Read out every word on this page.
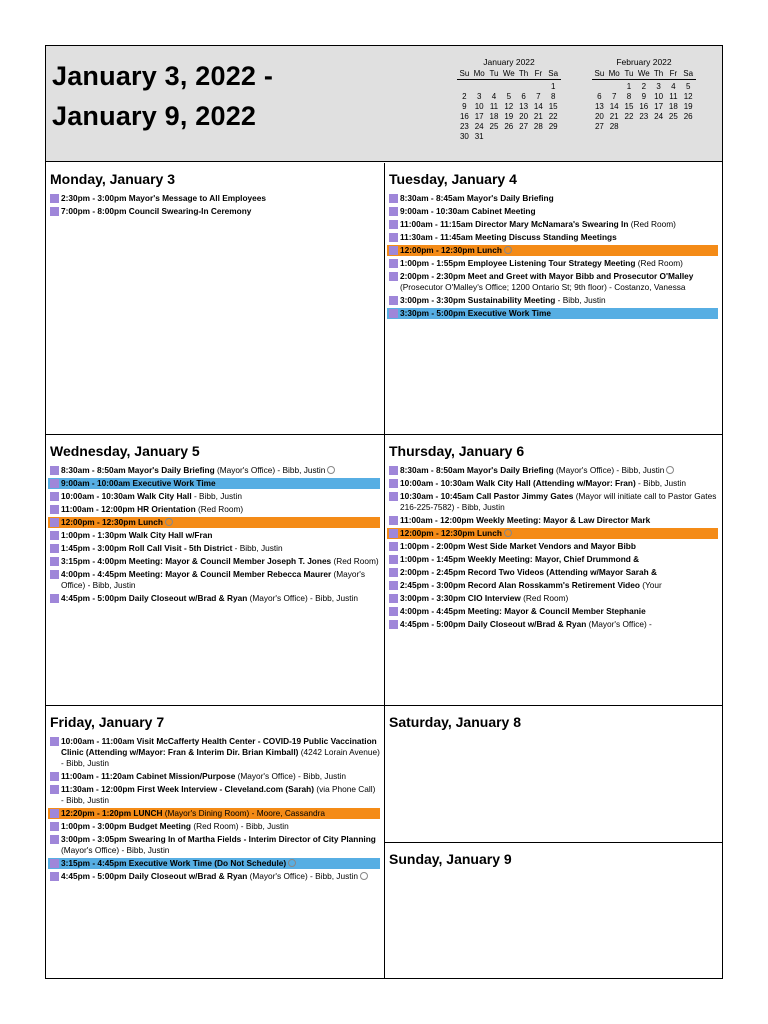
January 3, 2022 -
January 9, 2022
January 2022
Su	Mo	Tu	We	Th	Fr	Sa

						1
2	3	4	5	6	7	8
9	10	11	12	13	14	15
16	17	18	19	20	21	22
23	24	25	26	27	28	29
30	31					
February 2022
Su	Mo	Tu	We	Th	Fr	Sa

		1	2	3	4	5
6	7	8	9	10	11	12
13	14	15	16	17	18	19
20	21	22	23	24	25	26
27	28					
Monday, January 3
2:30pm - 3:00pm Mayor's Message to All Employees
7:00pm - 8:00pm Council Swearing-In Ceremony
Tuesday, January 4
8:30am - 8:45am Mayor's Daily Briefing
9:00am - 10:30am Cabinet Meeting
11:00am - 11:15am Director Mary McNamara's Swearing In (Red Room)
11:30am - 11:45am Meeting Discuss Standing Meetings
12:00pm - 12:30pm Lunch
1:00pm - 1:55pm Employee Listening Tour Strategy Meeting (Red Room)
2:00pm - 2:30pm Meet and Greet with Mayor Bibb and Prosecutor O'Malley (Prosecutor O'Malley's Office; 1200 Ontario St; 9th floor) - Costanzo, Vanessa
3:00pm - 3:30pm Sustainability Meeting - Bibb, Justin
3:30pm - 5:00pm Executive Work Time
Wednesday, January 5
8:30am - 8:50am Mayor's Daily Briefing (Mayor's Office) - Bibb, Justin
9:00am - 10:00am Executive Work Time
10:00am - 10:30am Walk City Hall - Bibb, Justin
11:00am - 12:00pm HR Orientation (Red Room)
12:00pm - 12:30pm Lunch
1:00pm - 1:30pm Walk City Hall w/Fran
1:45pm - 3:00pm Roll Call Visit - 5th District - Bibb, Justin
3:15pm - 4:00pm Meeting: Mayor & Council Member Joseph T. Jones (Red Room)
4:00pm - 4:45pm Meeting: Mayor & Council Member Rebecca Maurer (Mayor's Office) - Bibb, Justin
4:45pm - 5:00pm Daily Closeout w/Brad & Ryan (Mayor's Office) - Bibb, Justin
Thursday, January 6
8:30am - 8:50am Mayor's Daily Briefing (Mayor's Office) - Bibb, Justin
10:00am - 10:30am Walk City Hall (Attending w/Mayor: Fran) - Bibb, Justin
10:30am - 10:45am Call Pastor Jimmy Gates (Mayor will initiate call to Pastor Gates 216-225-7582) - Bibb, Justin
11:00am - 12:00pm Weekly Meeting: Mayor & Law Director Mark
12:00pm - 12:30pm Lunch
1:00pm - 2:00pm West Side Market Vendors and Mayor Bibb
1:00pm - 1:45pm Weekly Meeting: Mayor, Chief Drummond &
2:00pm - 2:45pm Record Two Videos (Attending w/Mayor Sarah &
2:45pm - 3:00pm Record Alan Rosskamm's Retirement Video (Your
3:00pm - 3:30pm CIO Interview (Red Room)
4:00pm - 4:45pm Meeting: Mayor & Council Member Stephanie
4:45pm - 5:00pm Daily Closeout w/Brad & Ryan (Mayor's Office) -
Friday, January 7
10:00am - 11:00am Visit McCafferty Health Center - COVID-19 Public Vaccination Clinic (Attending w/Mayor: Fran & Interim Dir. Brian Kimball) (4242 Lorain Avenue) - Bibb, Justin
11:00am - 11:20am Cabinet Mission/Purpose (Mayor's Office) - Bibb, Justin
11:30am - 12:00pm First Week Interview - Cleveland.com (Sarah) (via Phone Call) - Bibb, Justin
12:20pm - 1:20pm LUNCH (Mayor's Dining Room) - Moore, Cassandra
1:00pm - 3:00pm Budget Meeting (Red Room) - Bibb, Justin
3:00pm - 3:05pm Swearing In of Martha Fields - Interim Director of City Planning (Mayor's Office) - Bibb, Justin
3:15pm - 4:45pm Executive Work Time (Do Not Schedule)
4:45pm - 5:00pm Daily Closeout w/Brad & Ryan (Mayor's Office) - Bibb, Justin
Saturday, January 8
Sunday, January 9
